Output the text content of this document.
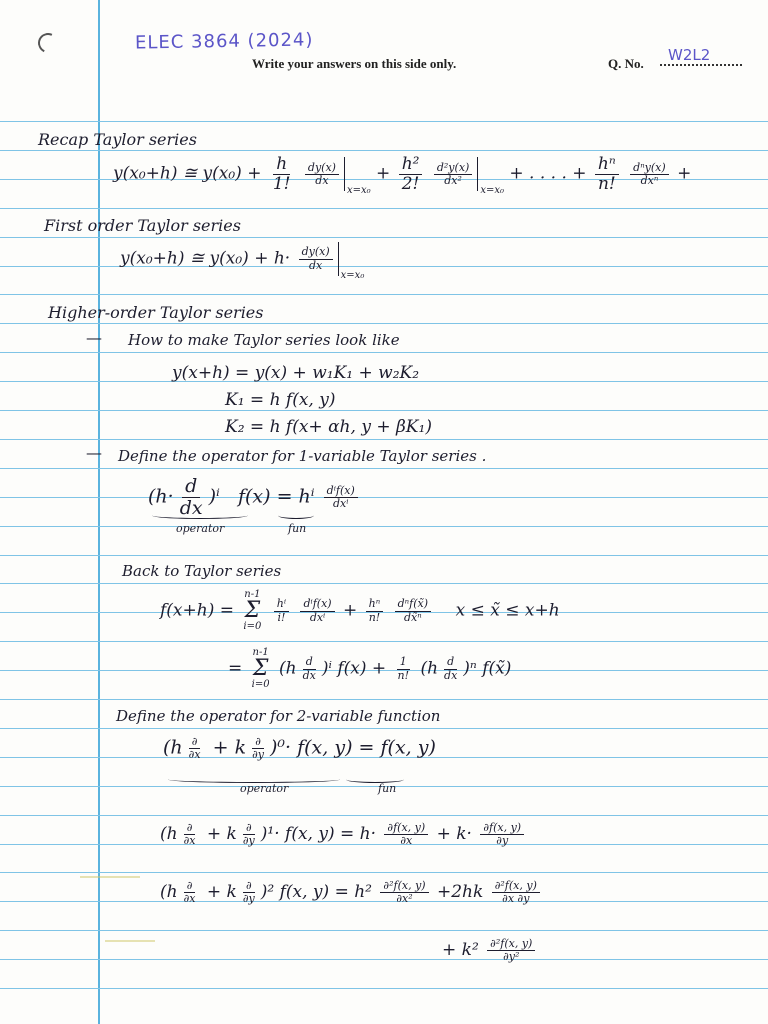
ELEC 3864 (2024)
Write your answers on this side only.	Q. No. W2L2
Recap Taylor series
y(x₀+h) ≅ $y(x_0) + \frac{h}{1!}$
$\frac{dy(x)}{dx}$
$_{x=x_0} + \frac{\text{h²}}{2!}$
$\frac{\text{d²y(x)}}{\text{dx²}}$
$_{x=x_0}$ + . . . . + $\frac{\text{hⁿ}}{n!}$
$\frac{\text{dⁿy(x)}}{\text{dxⁿ}}$ +
First order Taylor series
y(x₀+h) ≅ $y(x_0) + h\cdot \frac{dy(x)}{dx}$
$_{x=x_0}$
Higher-order Taylor series
— How to make Taylor series look like
y(x+h) = y(x) + w₁K₁ + w₂K₂
K₁ = h f(x, y)
K₂ = h f(x+ αh, y + βK₁)
— Define the operator for 1-variable Taylor series .
$(h\cdot \frac{d}{dx} )^i$ f(x) = hⁱ $\frac{\text{dⁱf(x)}}{\text{dxⁱ}}$
operator	fun
Back to Taylor series
f(x+h) =
n-1
Σ
i=0

$\frac{\text{hⁱ}}{i!}$
$\frac{\text{dⁱf(x)}}{\text{dxⁱ}} + \frac{\text{hⁿ}}{n!}$
$\frac{\text{dⁿf(x̃)}}{\text{dx̃ⁿ}}$ x ≤ x̃ ≤ x+h
=
n-1
Σ
i=0
$(h \frac{d}{dx} )^i$ $f(x) + \frac{1}{n!} (h \frac{d}{dx} )^n$ f(x̃)
Define the operator for 2-variable function
$(h \frac{\partial}{\partial x} + k \frac{\partial}{\partial y} )^0\cdot f(x$, y) = f(x, y)
operator	fun
$(h \frac{\partial}{\partial x} + k \frac{\partial}{\partial y} )^1\cdot f(x$, $y) = h\cdot \frac{\partial f(x, y)}{\partial x} + k\cdot \frac{\partial f(x, y)}{\partial y}$
$(h \frac{\partial}{\partial x} + k \frac{\partial}{\partial y} )^2$ f(x, $y) = h^2 \frac{\text{∂²f(x, y)}}{\text{∂x²}} +2hk \frac{\text{∂²f(x, y)}}{\partial x \partial y}$
+ $k^2 \frac{\text{∂²f(x, y)}}{\text{∂y²}}$
